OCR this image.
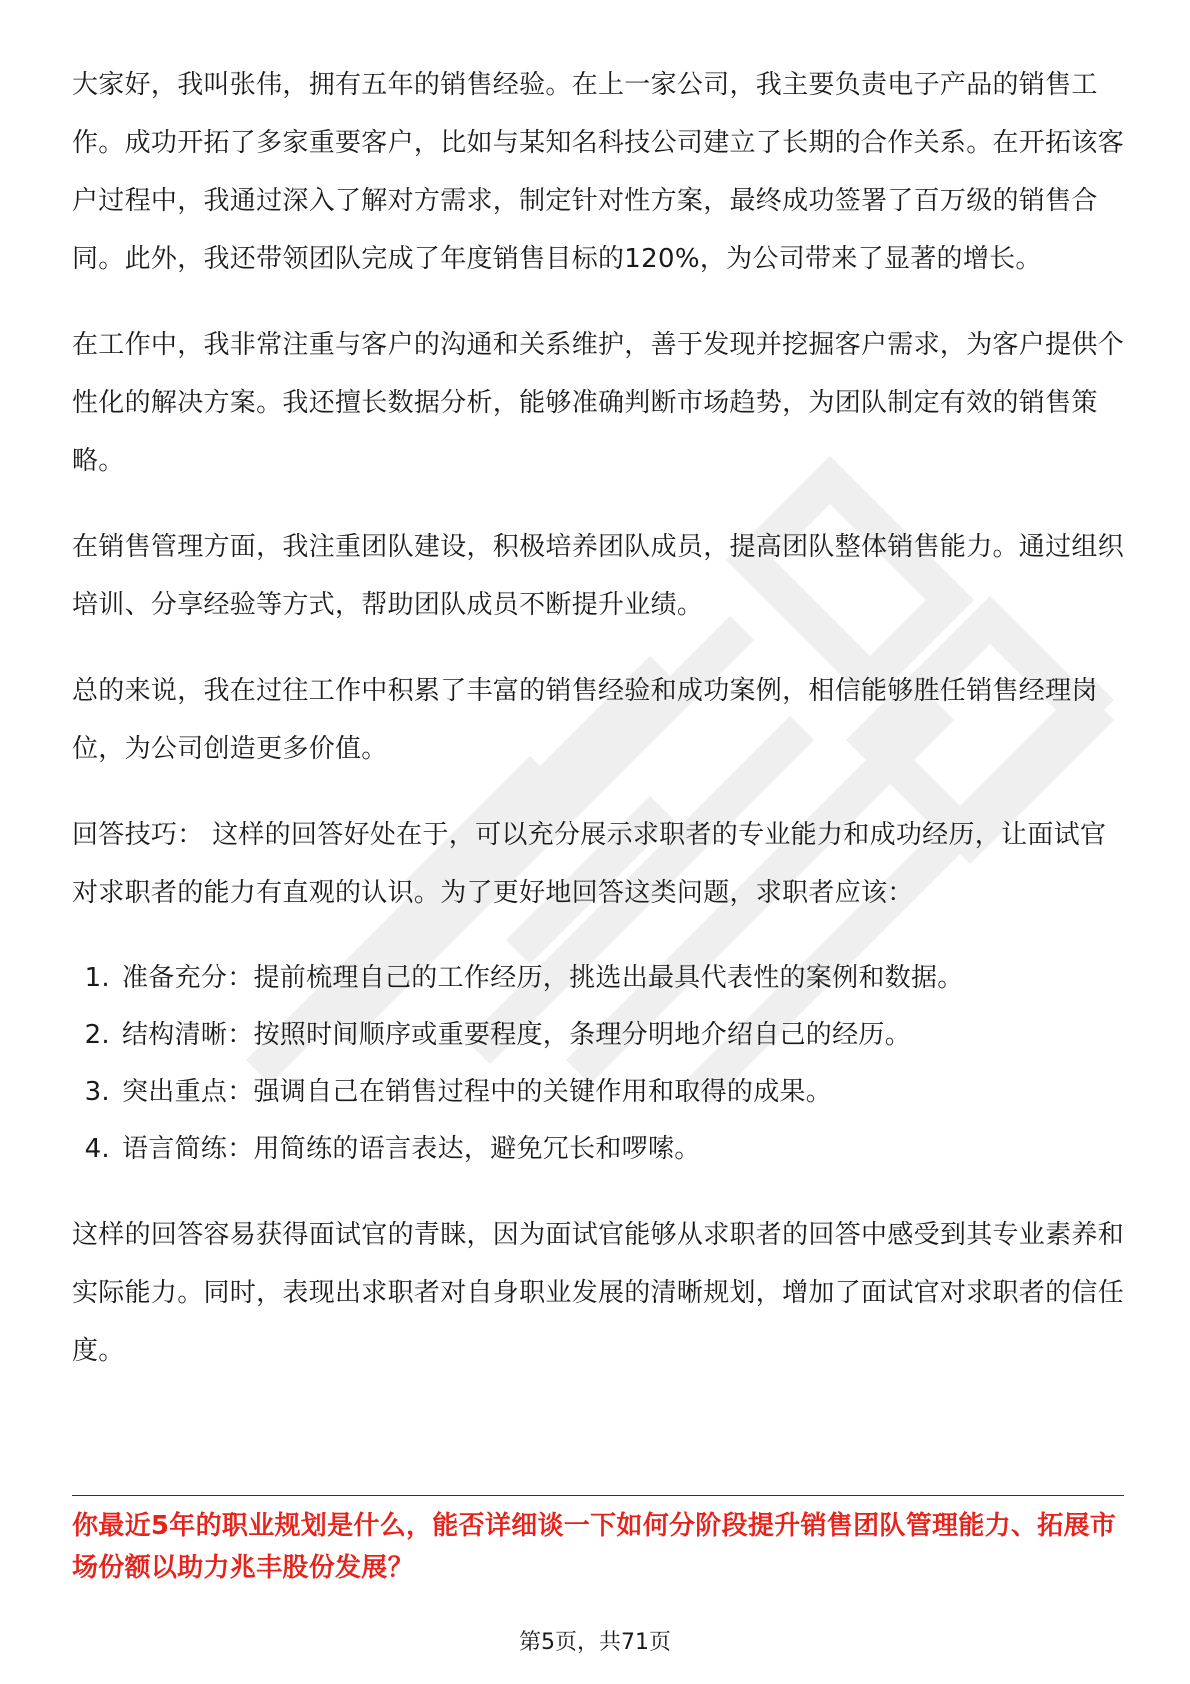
大家好，我叫张伟，拥有五年的销售经验。在上一家公司，我主要负责电子产品的销售工作。成功开拓了多家重要客户，比如与某知名科技公司建立了长期的合作关系。在开拓该客户过程中，我通过深入了解对方需求，制定针对性方案，最终成功签署了百万级的销售合同。此外，我还带领团队完成了年度销售目标的120%，为公司带来了显著的增长。

在工作中，我非常注重与客户的沟通和关系维护，善于发现并挖掘客户需求，为客户提供个性化的解决方案。我还擅长数据分析，能够准确判断市场趋势，为团队制定有效的销售策略。

在销售管理方面，我注重团队建设，积极培养团队成员，提高团队整体销售能力。通过组织培训、分享经验等方式，帮助团队成员不断提升业绩。

总的来说，我在过往工作中积累了丰富的销售经验和成功案例，相信能够胜任销售经理岗位，为公司创造更多价值。

回答技巧： 这样的回答好处在于，可以充分展示求职者的专业能力和成功经历，让面试官对求职者的能力有直观的认识。为了更好地回答这类问题，求职者应该：

1. 准备充分：提前梳理自己的工作经历，挑选出最具代表性的案例和数据。
2. 结构清晰：按照时间顺序或重要程度，条理分明地介绍自己的经历。
3. 突出重点：强调自己在销售过程中的关键作用和取得的成果。
4. 语言简练：用简练的语言表达，避免冗长和啰嗦。

这样的回答容易获得面试官的青睐，因为面试官能够从求职者的回答中感受到其专业素养和实际能力。同时，表现出求职者对自身职业发展的清晰规划，增加了面试官对求职者的信任度。

你最近5年的职业规划是什么，能否详细谈一下如何分阶段提升销售团队管理能力、拓展市场份额以助力兆丰股份发展？

第5页，共71页
